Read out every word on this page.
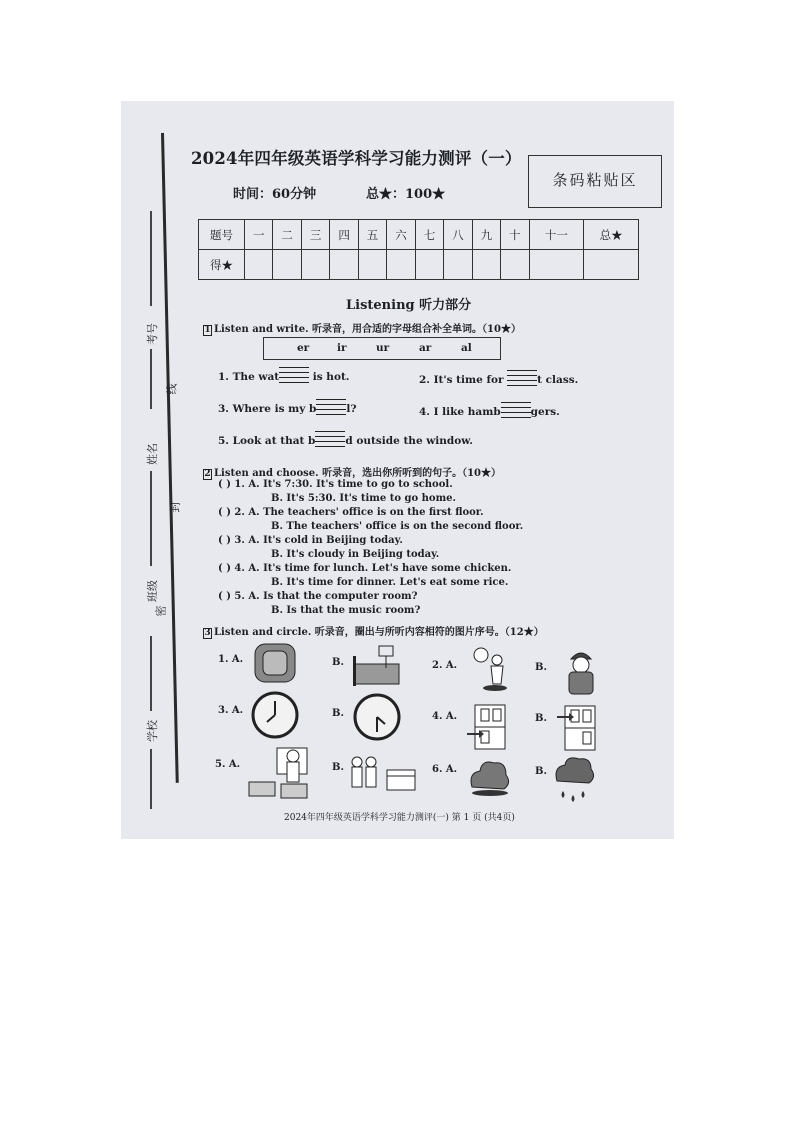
考号
线
姓名
封
班级
密
学校
2024年四年级英语学科学习能力测评（一）
时间：60分钟	总★：100★
条码粘贴区
题号	一	二	三	四	五	六	七	八	九	十	十一	总★
得★												
Listening 听力部分
1 Listen and write. 听录音，用合适的字母组合补全单词。（10★）
er	ir	ur	ar	al
1. The wat	is hot.	2. It's time for	t class.
3. Where is my b	l?	4. I like hamb	gers.
5. Look at that b	d outside the window.
2 Listen and choose. 听录音，选出你所听到的句子。（10★）
( ) 1. A. It's 7:30. It's time to go to school.
B. It's 5:30. It's time to go home.
( ) 2. A. The teachers' office is on the first floor.
B. The teachers' office is on the second floor.
( ) 3. A. It's cold in Beijing today.
B. It's cloudy in Beijing today.
( ) 4. A. It's time for lunch. Let's have some chicken.
B. It's time for dinner. Let's eat some rice.
( ) 5. A. Is that the computer room?
B. Is that the music room?
3 Listen and circle. 听录音，圈出与所听内容相符的图片序号。（12★）
1. A.	B.	2. A.	B.
3. A.	B.	4. A.	B.
5. A.	B.	6. A.	B.
2024年四年级英语学科学习能力测评(一) 第 1 页 (共4页)
